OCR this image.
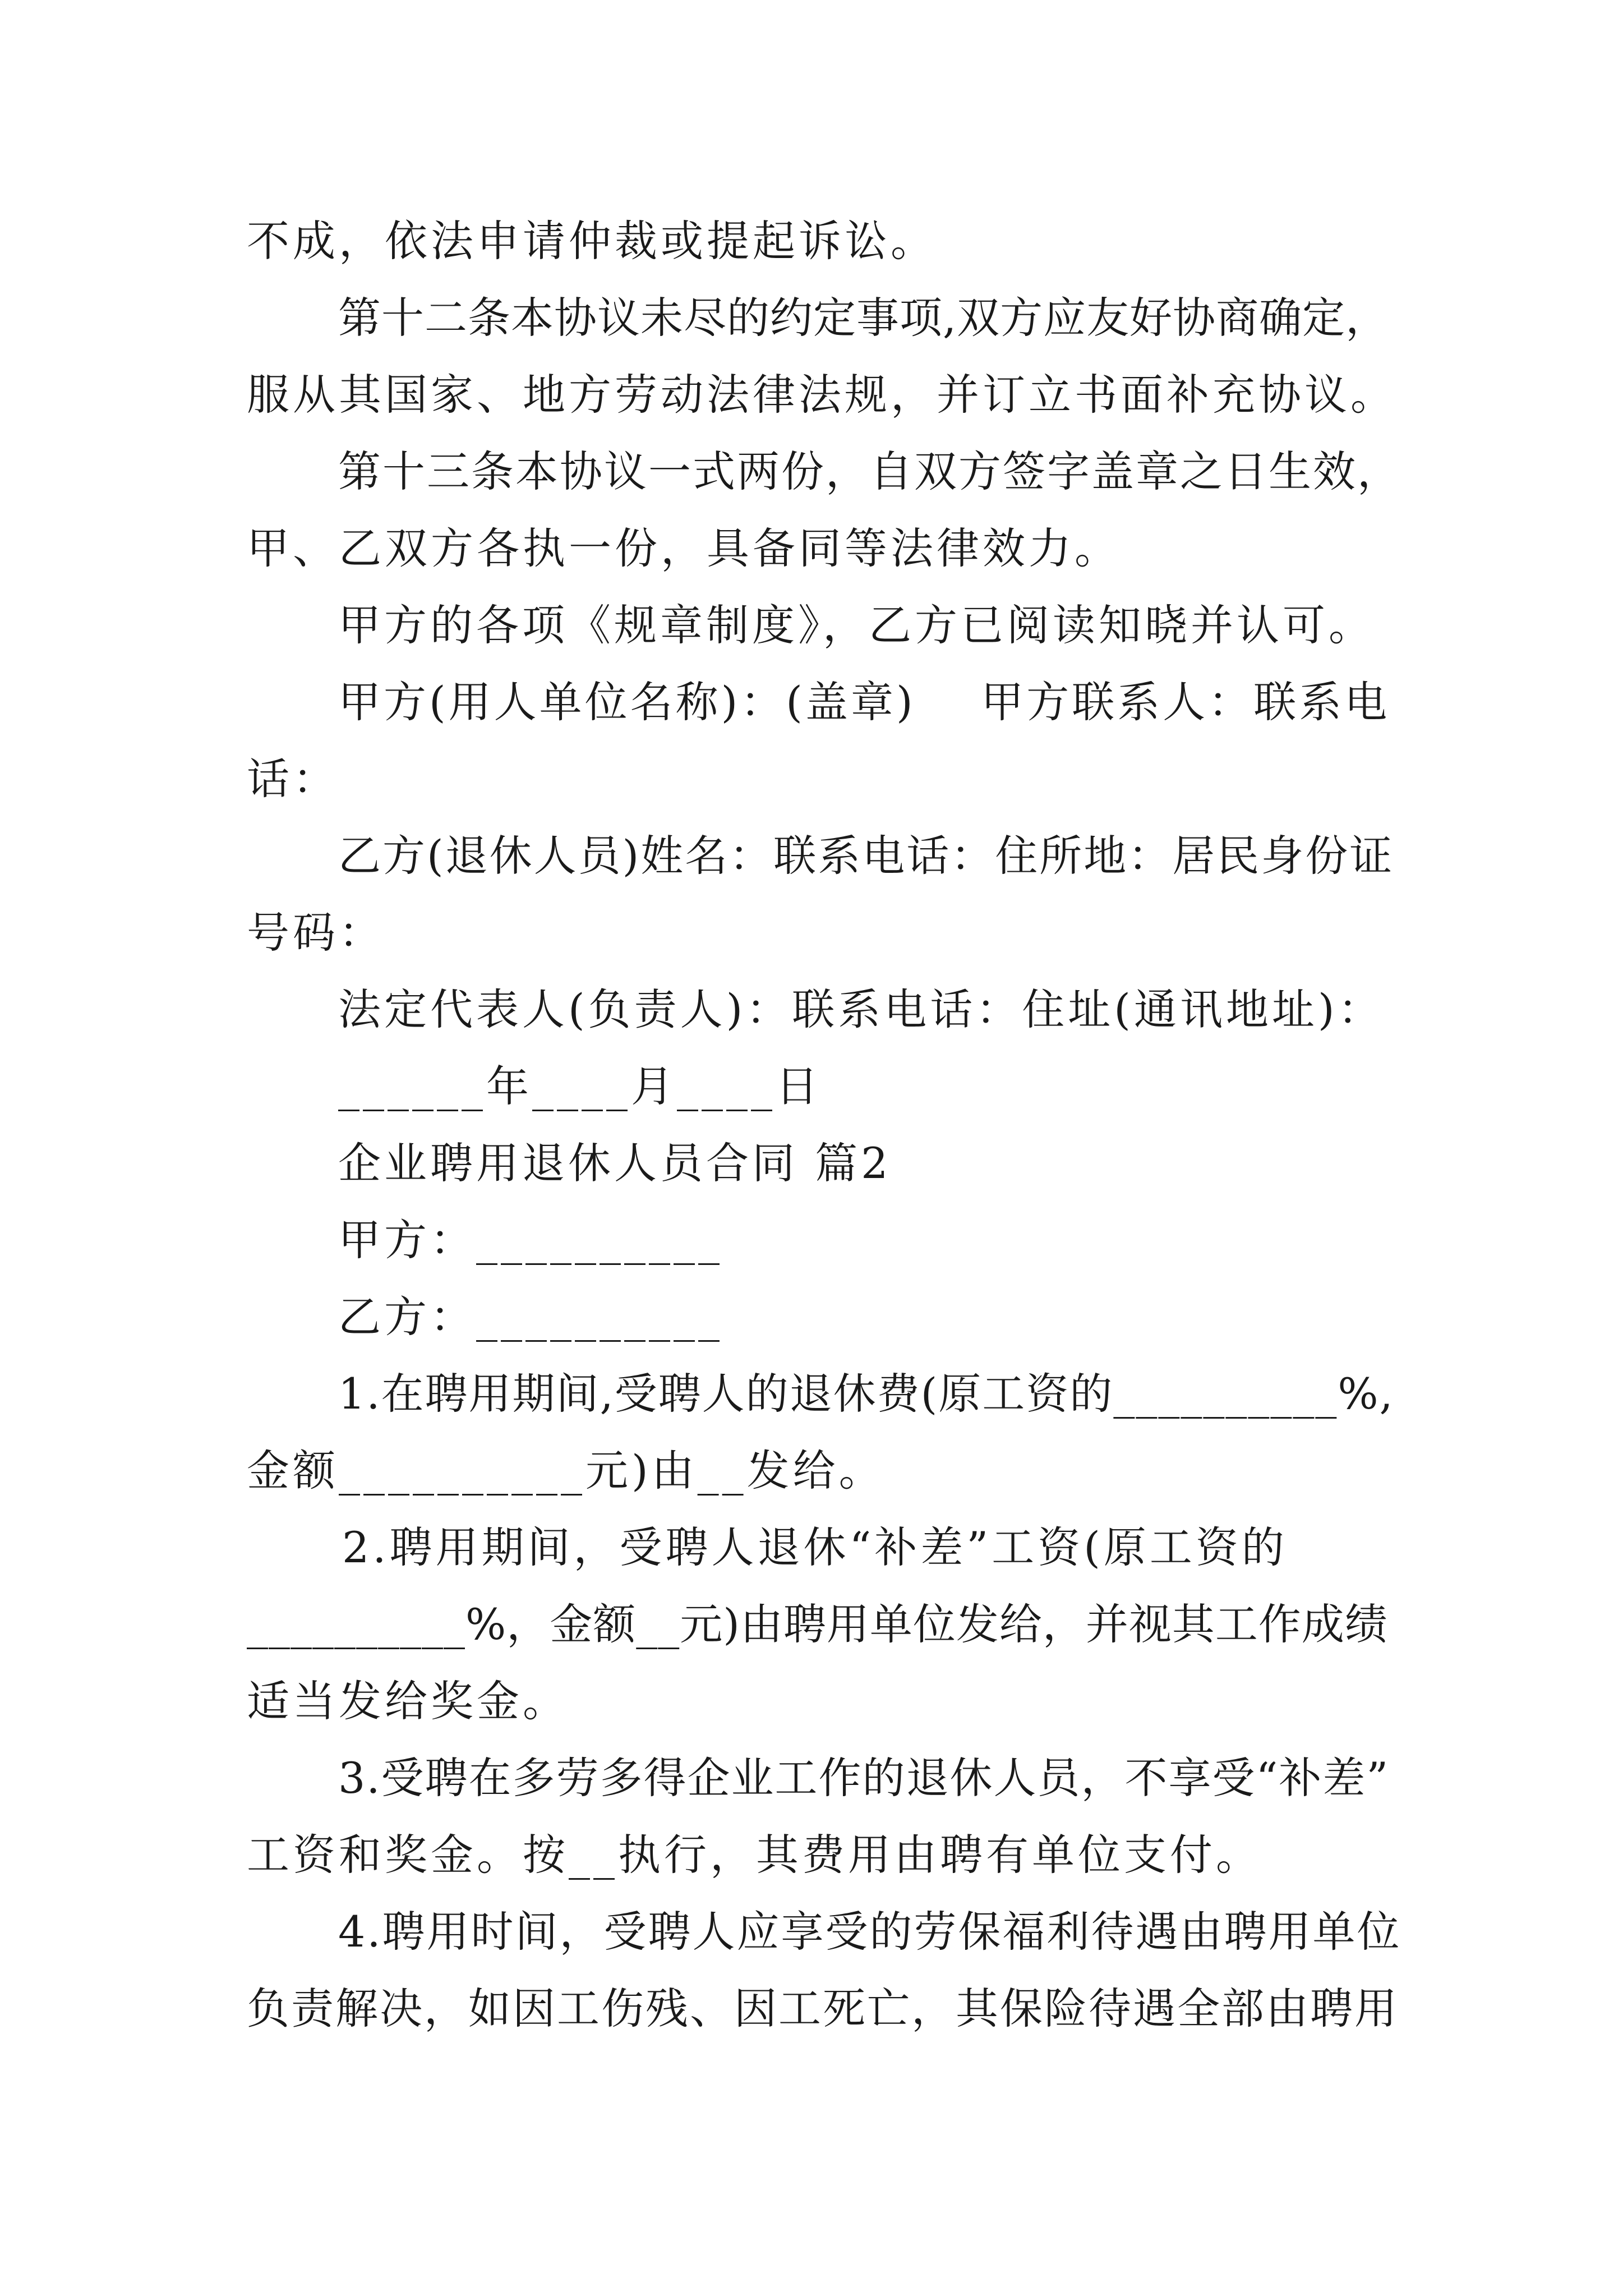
不成，依法申请仲裁或提起诉讼。
第十二条本协议未尽的约定事项,双方应友好协商确定，
服从其国家、地方劳动法律法规，并订立书面补充协议。
第十三条本协议一式两份，自双方签字盖章之日生效，
甲、乙双方各执一份，具备同等法律效力。
甲方的各项《规章制度》，乙方已阅读知晓并认可。
甲方(用人单位名称)：(盖章)    甲方联系人：联系电
话：
乙方(退休人员)姓名：联系电话：住所地：居民身份证
号码：
法定代表人(负责人)：联系电话：住址(通讯地址)：
______年____月____日
企业聘用退休人员合同 篇2
甲方：__________
乙方：__________
1.在聘用期间,受聘人的退休费(原工资的__________%,
金额__________元)由__发给。
2.聘用期间，受聘人退休“补差”工资(原工资的
__________%，金额__元)由聘用单位发给，并视其工作成绩
适当发给奖金。
3.受聘在多劳多得企业工作的退休人员，不享受“补差”
工资和奖金。按__执行，其费用由聘有单位支付。
4.聘用时间，受聘人应享受的劳保福利待遇由聘用单位
负责解决，如因工伤残、因工死亡，其保险待遇全部由聘用
